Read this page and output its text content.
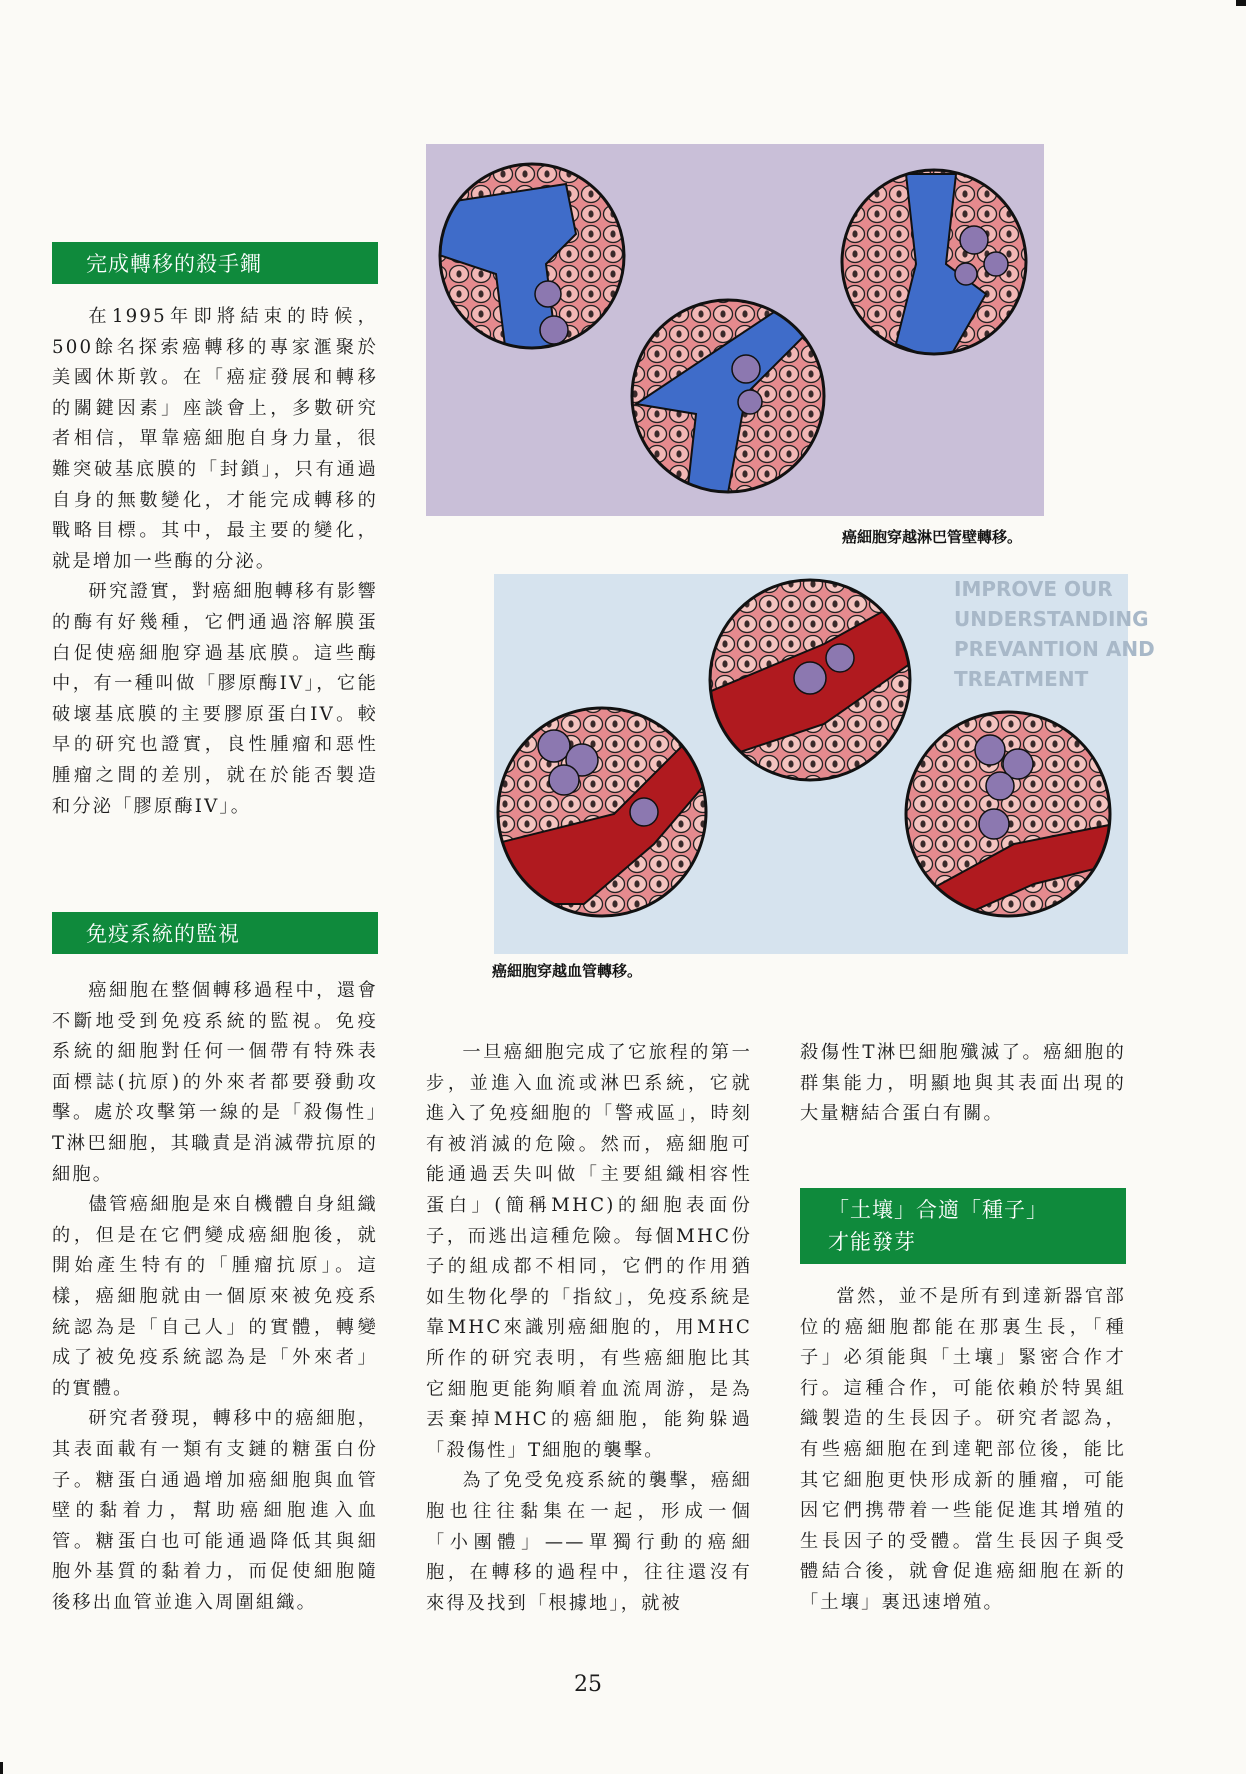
完成轉移的殺手鐧

在1995年即將結束的時候，500餘名探索癌轉移的專家滙聚於美國休斯敦。在「癌症發展和轉移的關鍵因素」座談會上，多數研究者相信，單靠癌細胞自身力量，很難突破基底膜的「封鎖」，只有通過自身的無數變化，才能完成轉移的戰略目標。其中，最主要的變化，就是增加一些酶的分泌。

研究證實，對癌細胞轉移有影響的酶有好幾種，它們通過溶解膜蛋白促使癌細胞穿過基底膜。這些酶中，有一種叫做「膠原酶IV」，它能破壞基底膜的主要膠原蛋白IV。較早的研究也證實，良性腫瘤和惡性腫瘤之間的差別，就在於能否製造和分泌「膠原酶IV」。

免疫系統的監視

癌細胞在整個轉移過程中，還會不斷地受到免疫系統的監視。免疫系統的細胞對任何一個帶有特殊表面標誌(抗原)的外來者都要發動攻擊。處於攻擊第一線的是「殺傷性」T淋巴細胞，其職責是消滅帶抗原的細胞。

儘管癌細胞是來自機體自身組織的，但是在它們變成癌細胞後，就開始產生特有的「腫瘤抗原」。這樣，癌細胞就由一個原來被免疫系統認為是「自己人」的實體，轉變成了被免疫系統認為是「外來者」的實體。

研究者發現，轉移中的癌細胞，其表面載有一類有支鏈的糖蛋白份子。糖蛋白通過增加癌細胞與血管壁的黏着力，幫助癌細胞進入血管。糖蛋白也可能通過降低其與細胞外基質的黏着力，而促使細胞隨後移出血管並進入周圍組織。

癌細胞穿越淋巴管壁轉移。
IMPROVE OUR
UNDERSTANDING
PREVANTION AND
TREATMENT
癌細胞穿越血管轉移。

一旦癌細胞完成了它旅程的第一步，並進入血流或淋巴系統，它就進入了免疫細胞的「警戒區」，時刻有被消滅的危險。然而，癌細胞可能通過丟失叫做「主要組織相容性蛋白」(簡稱MHC)的細胞表面份子，而逃出這種危險。每個MHC份子的組成都不相同，它們的作用猶如生物化學的「指紋」，免疫系統是靠MHC來識別癌細胞的，用MHC所作的研究表明，有些癌細胞比其它細胞更能夠順着血流周游，是為丟棄掉MHC的癌細胞，能夠躲過「殺傷性」T細胞的襲擊。

為了免受免疫系統的襲擊，癌細胞也往往黏集在一起，形成一個「小團體」——單獨行動的癌細胞，在轉移的過程中，往往還沒有來得及找到「根據地」，就被

殺傷性T淋巴細胞殲滅了。癌細胞的群集能力，明顯地與其表面出現的大量糖結合蛋白有關。

「土壤」合適「種子」
才能發芽

當然，並不是所有到達新器官部位的癌細胞都能在那裏生長，「種子」必須能與「土壤」緊密合作才行。這種合作，可能依賴於特異組織製造的生長因子。研究者認為，有些癌細胞在到達靶部位後，能比其它細胞更快形成新的腫瘤，可能因它們携帶着一些能促進其增殖的生長因子的受體。當生長因子與受體結合後，就會促進癌細胞在新的「土壤」裏迅速增殖。

25
